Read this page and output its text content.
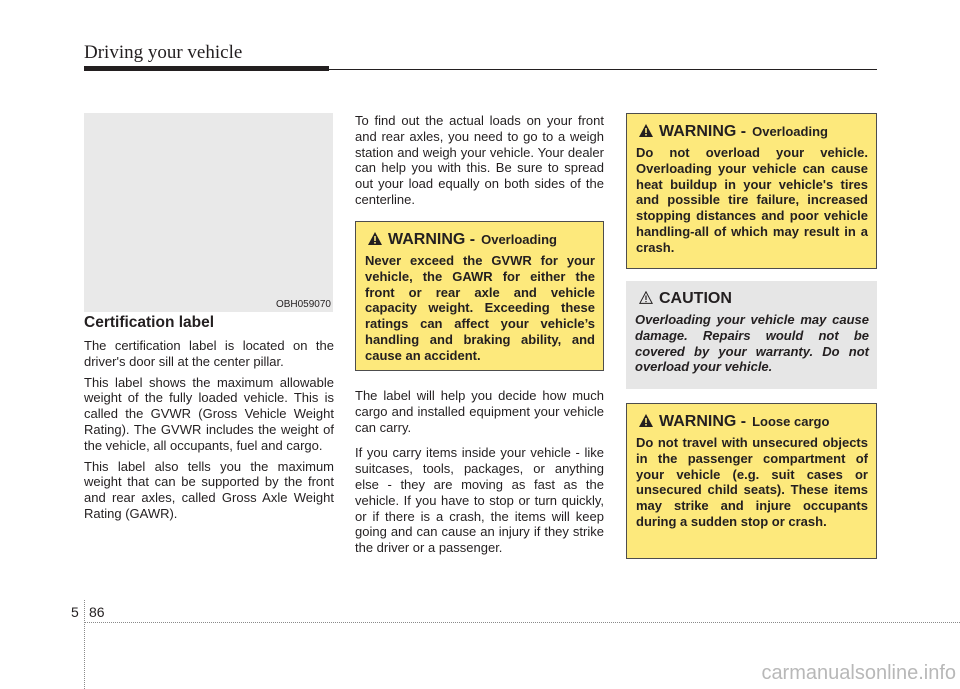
Driving your vehicle
OBH059070
Certification label

The certification label is located on the driver's door sill at the center pillar.

This label shows the maximum allowable weight of the fully loaded vehicle. This is called the GVWR (Gross Vehicle Weight Rating). The GVWR includes the weight of the vehicle, all occupants, fuel and cargo.

This label also tells you the maximum weight that can be supported by the front and rear axles, called Gross Axle Weight Rating (GAWR).

To find out the actual loads on your front and rear axles, you need to go to a weigh station and weigh your vehicle. Your dealer can help you with this. Be sure to spread out your load equally on both sides of the centerline.

WARNING - Overloading
Never exceed the GVWR for your vehicle, the GAWR for either the front or rear axle and vehicle capacity weight. Exceeding these ratings can affect your vehicle’s handling and braking ability, and cause an accident.

The label will help you decide how much cargo and installed equipment your vehicle can carry.

If you carry items inside your vehicle - like suitcases, tools, packages, or anything else - they are moving as fast as the vehicle. If you have to stop or turn quickly, or if there is a crash, the items will keep going and can cause an injury if they strike the driver or a passenger.

WARNING - Overloading
Do not overload your vehicle. Overloading your vehicle can cause heat buildup in your vehicle's tires and possible tire failure, increased stopping distances and poor vehicle handling-all of which may result in a crash.
CAUTION
Overloading your vehicle may cause damage. Repairs would not be covered by your warranty. Do not overload your vehicle.
WARNING - Loose cargo
Do not travel with unsecured objects in the passenger compartment of your vehicle (e.g. suit cases or unsecured child seats). These items may strike and injure occupants during a sudden stop or crash.
5 86
carmanualsonline.info
